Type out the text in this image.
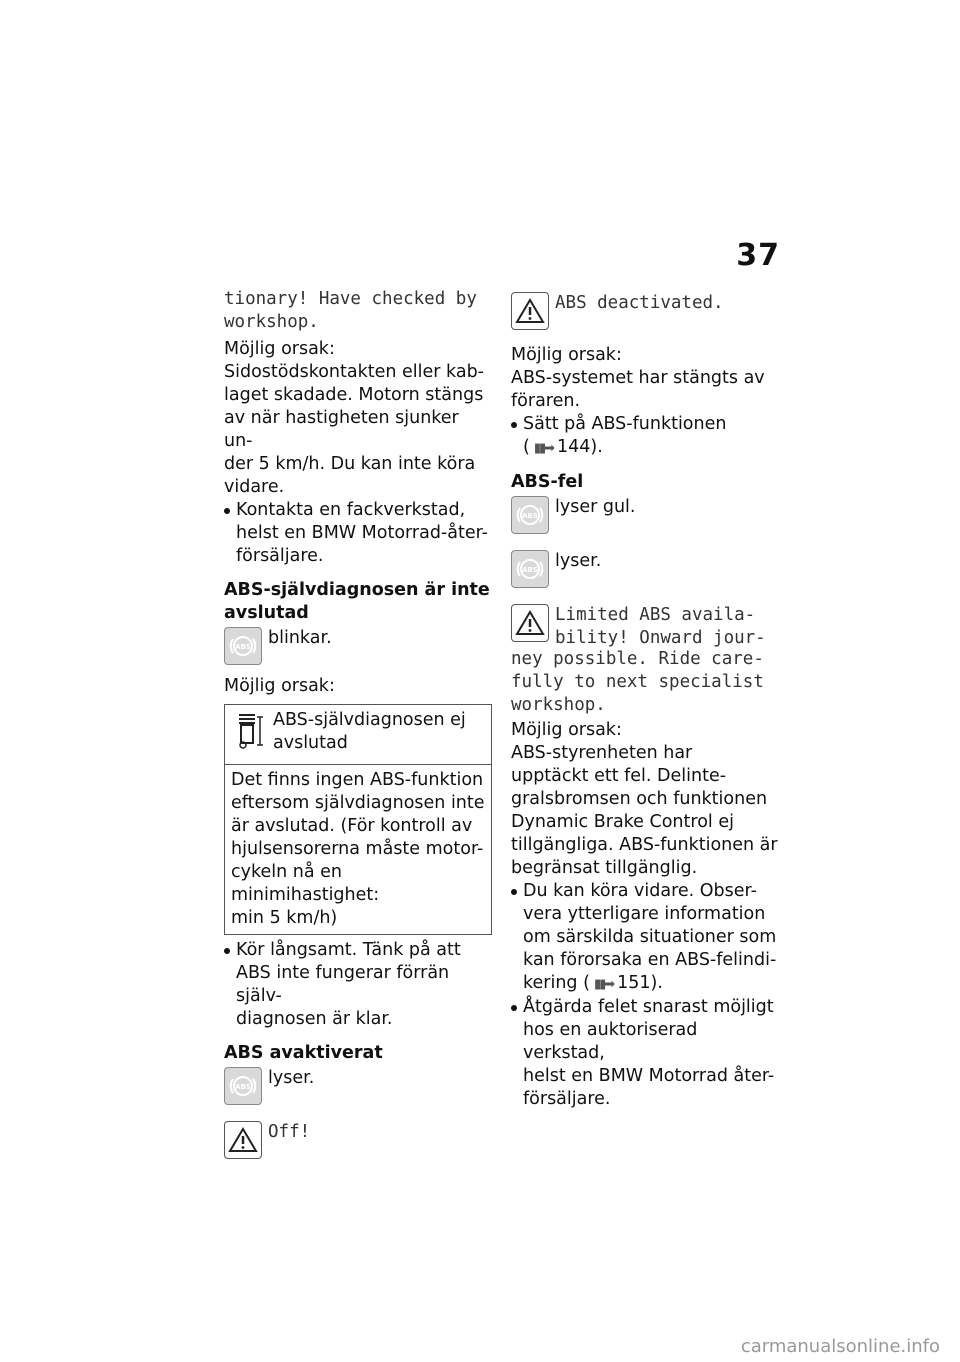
37
tionary! Have checked by
workshop.

Möjlig orsak:

Sidostödskontakten eller kab-
laget skadade. Motorn stängs
av när hastigheten sjunker un-
der 5 km/h. Du kan inte köra
vidare.

Kontakta en fackverkstad,
helst en BMW Motorrad-åter-
försäljare.

ABS-självdiagnosen är inte
avslutad

ABS blinkar.

Möjlig orsak:

ABS-självdiagnosen ej
avslutad

Det finns ingen ABS-funktion
eftersom självdiagnosen inte
är avslutad. (För kontroll av
hjulsensorerna måste motor-
cykeln nå en minimihastighet:
min 5 km/h)
Kör långsamt. Tänk på att
ABS inte fungerar förrän själv-
diagnosen är klar.

ABS avaktiverat

ABS lyser.
Off!
ABS deactivated.

Möjlig orsak:

ABS-systemet har stängts av
föraren.

Sätt på ABS-funktionen
( ▮▮➡ 144).

ABS-fel

ABS lyser gul.
ABS lyser.
Limited ABS availa-
bility! Onward jour-
ney possible. Ride care-
fully to next specialist
workshop.

Möjlig orsak:

ABS-styrenheten har
upptäckt ett fel. Delinte-
gralsbromsen och funktionen
Dynamic Brake Control ej
tillgängliga. ABS-funktionen är
begränsat tillgänglig.

Du kan köra vidare. Obser-
vera ytterligare information
om särskilda situationer som
kan förorsaka en ABS-felindi-
kering ( ▮▮➡ 151).
Åtgärda felet snarast möjligt
hos en auktoriserad verkstad,
helst en BMW Motorrad åter-
försäljare.
carmanualsonline.info
